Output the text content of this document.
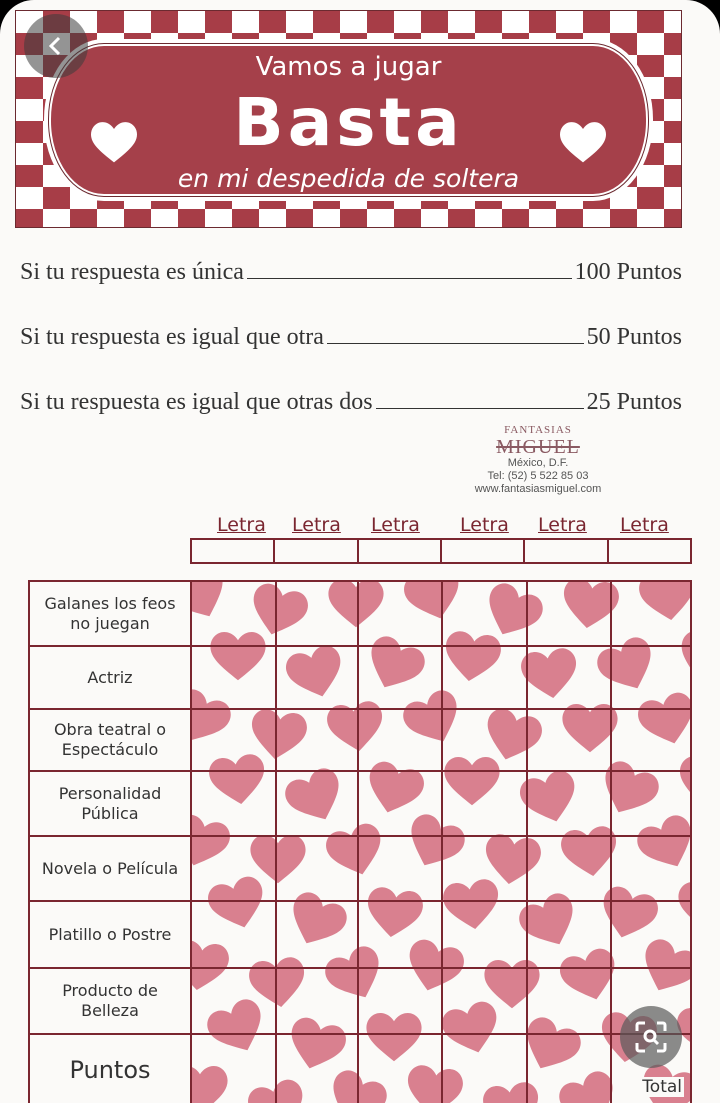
Vamos a jugar
Basta
en mi despedida de soltera
Si tu respuesta es única	100 Puntos
Si tu respuesta es igual que otra	50 Puntos
Si tu respuesta es igual que otras dos	25 Puntos
FANTASIAS
MIGUEL
México, D.F.
Tel: (52) 5 522 85 03
www.fantasiasmiguel.com
Letra Letra Letra Letra Letra Letra
Galanes los feos no juegan
Actriz
Obra teatral o Espectáculo
Personalidad Pública
Novela o Película
Platillo o Postre
Producto de Belleza
Puntos
Total
